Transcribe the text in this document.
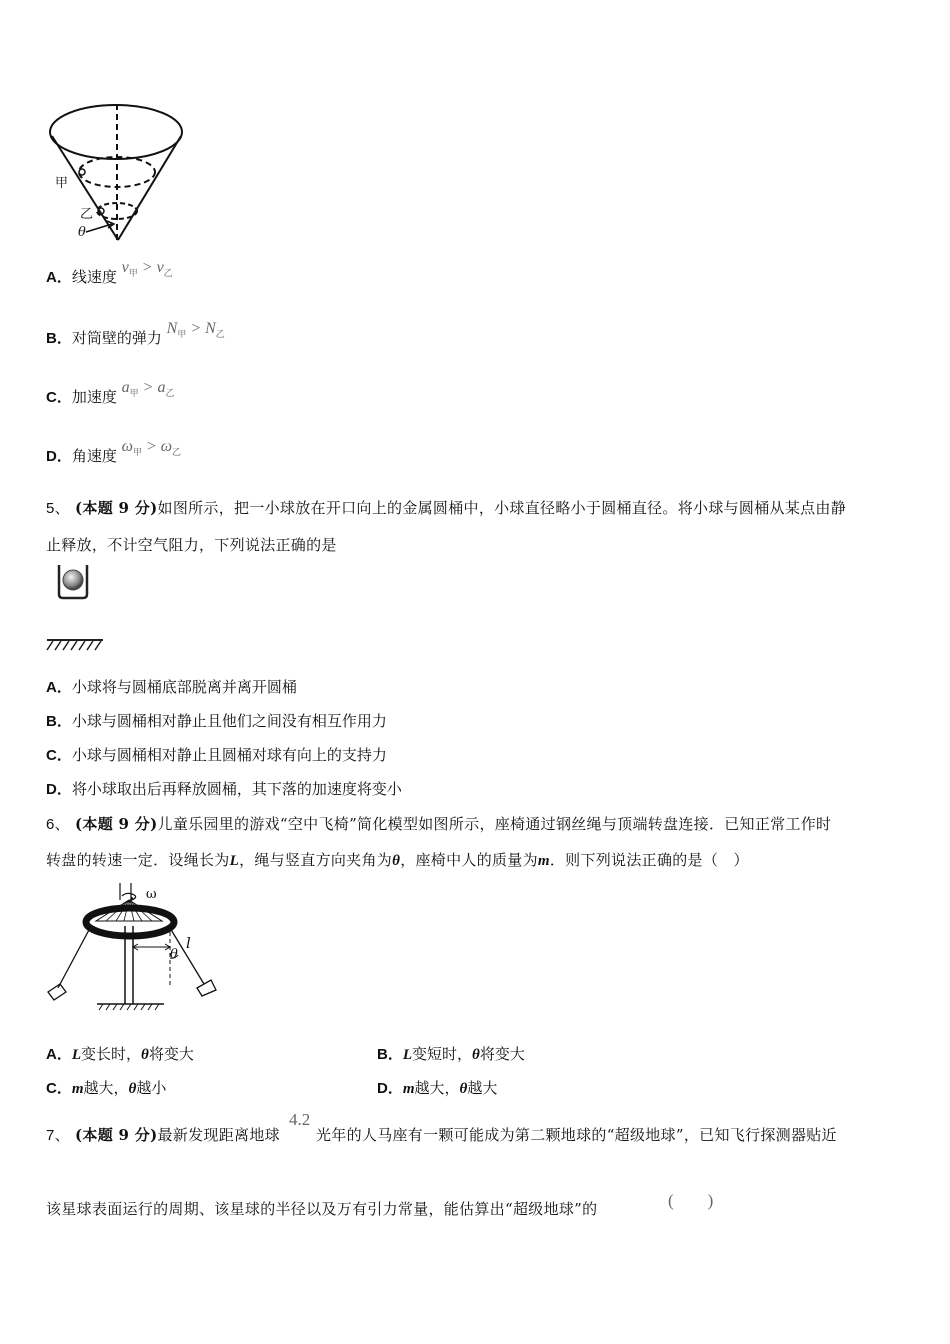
甲
乙
θ
A．线速度 $v_甲 > v_乙$
B．对筒壁的弹力 $N_甲 > N_乙$
C．加速度 $a_甲 > a_乙$
D．角速度 $\omega_甲 > \omega_乙$
5、 (本题 9 分)如图所示，把一小球放在开口向上的金属圆桶中，小球直径略小于圆桶直径。将小球与圆桶从某点由静
止释放，不计空气阻力，下列说法正确的是
A．小球将与圆桶底部脱离并离开圆桶
B．小球与圆桶相对静止且他们之间没有相互作用力
C．小球与圆桶相对静止且圆桶对球有向上的支持力
D．将小球取出后再释放圆桶，其下落的加速度将变小
6、 (本题 9 分)儿童乐园里的游戏“空中飞椅”简化模型如图所示，座椅通过钢丝绳与顶端转盘连接．已知正常工作时
转盘的转速一定．设绳长为L，绳与竖直方向夹角为θ，座椅中人的质量为m．则下列说法正确的是（　）
ω
l
θ
A．L变长时，θ将变大	B．L变短时，θ将变大
C．m越大，θ越小	D．m越大，θ越大
7、 (本题 9 分)最新发现距离地球
4.2
光年的人马座有一颗可能成为第二颗地球的“超级地球”，已知飞行探测器贴近
该星球表面运行的周期、该星球的半径以及万有引力常量，能估算出“超级地球”的	(　　)
